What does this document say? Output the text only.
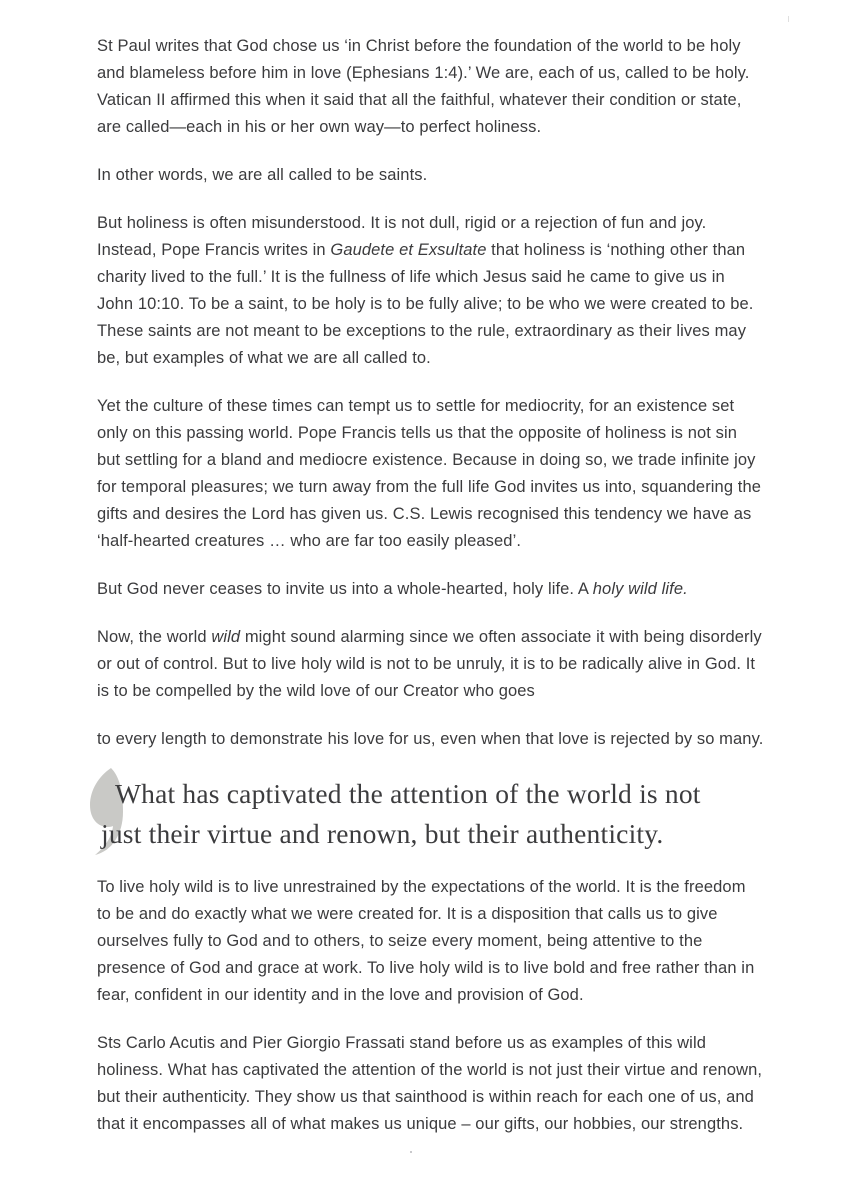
St Paul writes that God chose us ‘in Christ before the foundation of the world to be holy and blameless before him in love (Ephesians 1:4).’ We are, each of us, called to be holy. Vatican II affirmed this when it said that all the faithful, whatever their condition or state, are called—each in his or her own way—to perfect holiness.

In other words, we are all called to be saints.

But holiness is often misunderstood. It is not dull, rigid or a rejection of fun and joy. Instead, Pope Francis writes in Gaudete et Exsultate that holiness is ‘nothing other than charity lived to the full.’ It is the fullness of life which Jesus said he came to give us in John 10:10. To be a saint, to be holy is to be fully alive; to be who we were created to be. These saints are not meant to be exceptions to the rule, extraordinary as their lives may be, but examples of what we are all called to.

Yet the culture of these times can tempt us to settle for mediocrity, for an existence set only on this passing world. Pope Francis tells us that the opposite of holiness is not sin but settling for a bland and mediocre existence. Because in doing so, we trade infinite joy for temporal pleasures; we turn away from the full life God invites us into, squandering the gifts and desires the Lord has given us. C.S. Lewis recognised this tendency we have as ‘half-hearted creatures … who are far too easily pleased’.

But God never ceases to invite us into a whole-hearted, holy life. A holy wild life.

Now, the world wild might sound alarming since we often associate it with being disorderly or out of control. But to live holy wild is not to be unruly, it is to be radically alive in God. It is to be compelled by the wild love of our Creator who goes

to every length to demonstrate his love for us, even when that love is rejected by so many.

What has captivated the attention of the world is not
just their virtue and renown, but their authenticity.

To live holy wild is to live unrestrained by the expectations of the world. It is the freedom to be and do exactly what we were created for. It is a disposition that calls us to give ourselves fully to God and to others, to seize every moment, being attentive to the presence of God and grace at work. To live holy wild is to live bold and free rather than in fear, confident in our identity and in the love and provision of God.

Sts Carlo Acutis and Pier Giorgio Frassati stand before us as examples of this wild holiness. What has captivated the attention of the world is not just their virtue and renown, but their authenticity. They show us that sainthood is within reach for each one of us, and that it encompasses all of what makes us unique – our gifts, our hobbies, our strengths.
